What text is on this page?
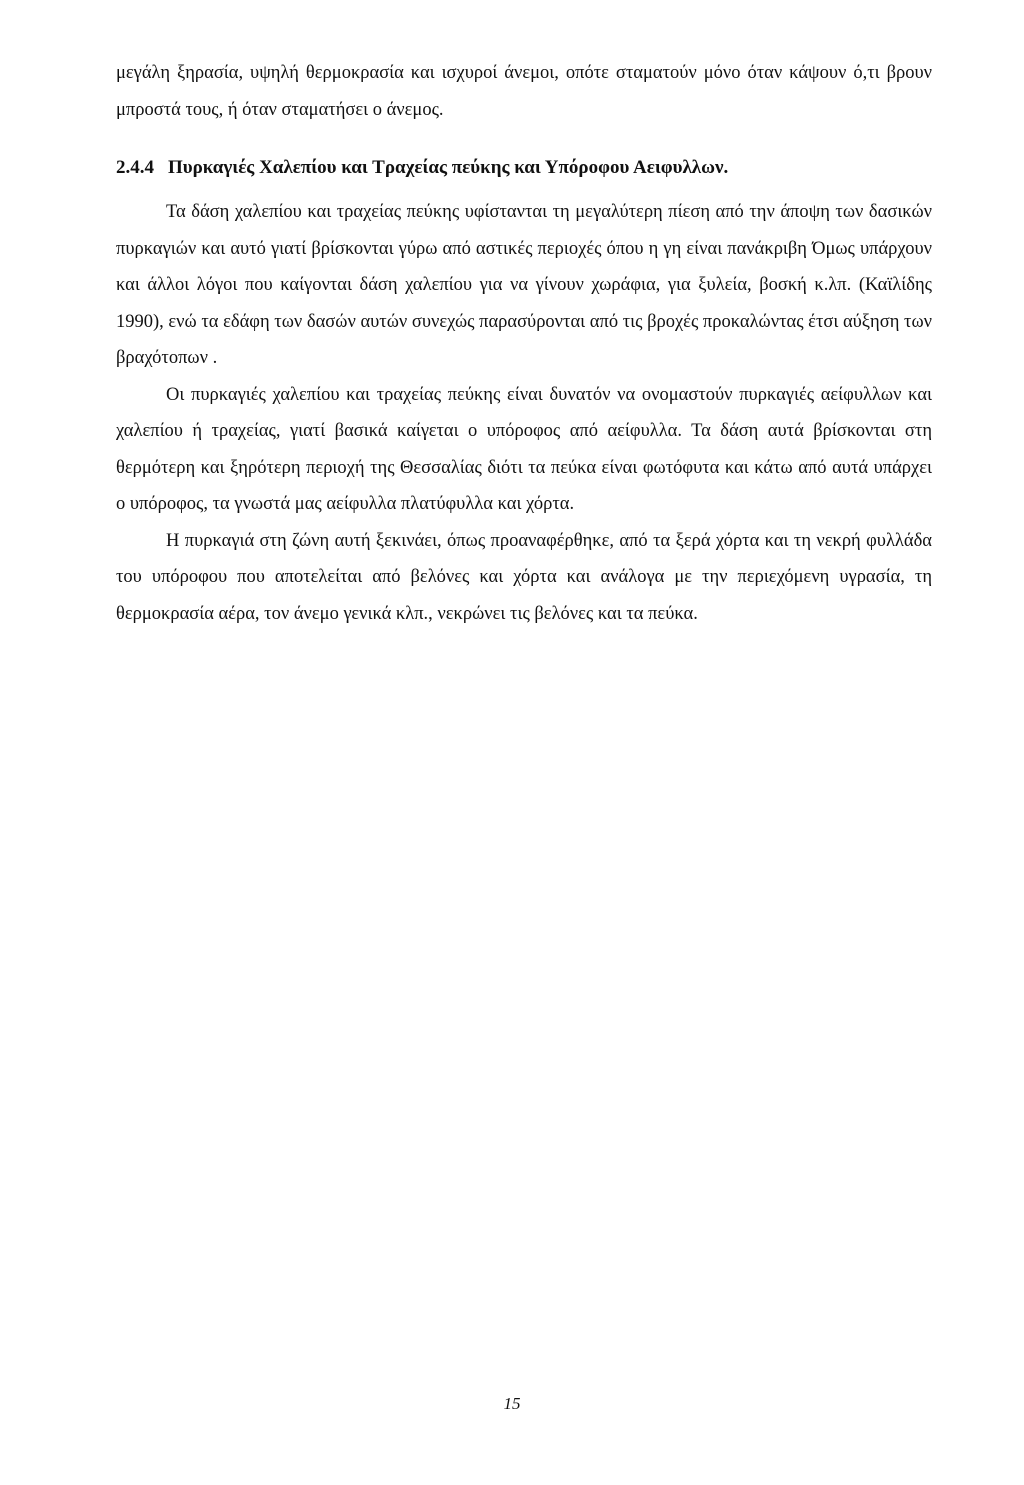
μεγάλη ξηρασία, υψηλή θερμοκρασία και ισχυροί άνεμοι, οπότε σταματούν μόνο όταν κάψουν ό,τι βρουν μπροστά τους, ή όταν σταματήσει ο άνεμος.

2.4.4 Πυρκαγιές Χαλεπίου και Τραχείας πεύκης και Υπόροφου Αειφυλλων.

Τα δάση χαλεπίου και τραχείας πεύκης υφίστανται τη μεγαλύτερη πίεση από την άποψη των δασικών πυρκαγιών και αυτό γιατί βρίσκονται γύρω από αστικές περιοχές όπου η γη είναι πανάκριβη Όμως υπάρχουν και άλλοι λόγοι που καίγονται δάση χαλεπίου για να γίνουν χωράφια, για ξυλεία, βοσκή κ.λπ. (Καϊλίδης 1990), ενώ τα εδάφη των δασών αυτών συνεχώς παρασύρονται από τις βροχές προκαλώντας έτσι αύξηση των βραχότοπων .

Οι πυρκαγιές χαλεπίου και τραχείας πεύκης είναι δυνατόν να ονομαστούν πυρκαγιές αείφυλλων και χαλεπίου ή τραχείας, γιατί βασικά καίγεται ο υπόροφος από αείφυλλα. Τα δάση αυτά βρίσκονται στη θερμότερη και ξηρότερη περιοχή της Θεσσαλίας διότι τα πεύκα είναι φωτόφυτα και κάτω από αυτά υπάρχει ο υπόροφος, τα γνωστά μας αείφυλλα πλατύφυλλα και χόρτα.

Η πυρκαγιά στη ζώνη αυτή ξεκινάει, όπως προαναφέρθηκε, από τα ξερά χόρτα και τη νεκρή φυλλάδα του υπόροφου που αποτελείται από βελόνες και χόρτα και ανάλογα με την περιεχόμενη υγρασία, τη θερμοκρασία αέρα, τον άνεμο γενικά κλπ., νεκρώνει τις βελόνες και τα πεύκα.

15
